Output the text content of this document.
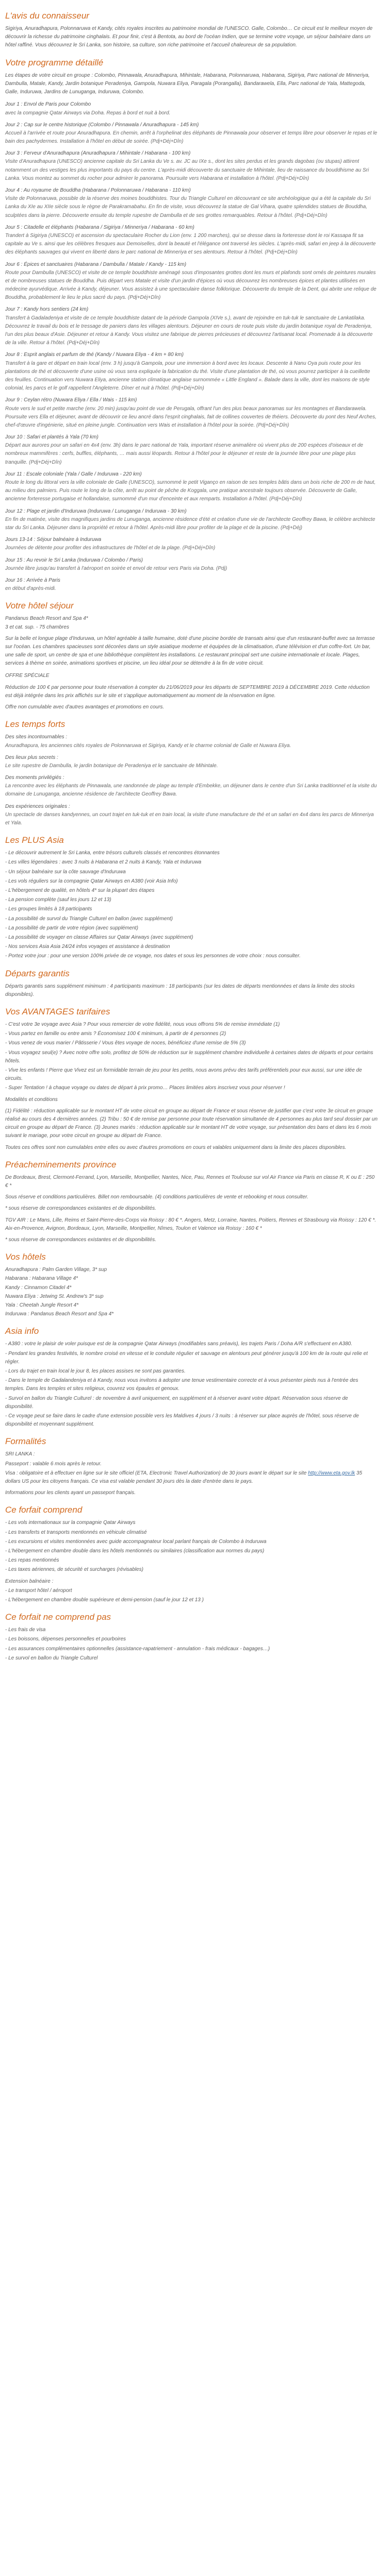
L'avis du connaisseur

Sigiriya, Anuradhapura, Polonnaruwa et Kandy, cités royales inscrites au patrimoine mondial de l'UNESCO. Galle, Colombo… Ce circuit est le meilleur moyen de découvrir la richesse du patrimoine cinghalais. Et pour finir, c'est à Bentota, au bord de l'océan Indien, que se termine votre voyage, un séjour balnéaire dans un hôtel raffiné. Vous découvrez le Sri Lanka, son histoire, sa culture, son riche patrimoine et l'accueil chaleureux de sa population.

Votre programme détaillé

Les étapes de votre circuit en groupe : Colombo, Pinnawala, Anuradhapura, Mihintale, Habarana, Polonnaruwa, Habarana, Sigiriya, Parc national de Minneriya, Dambulla, Matale, Kandy, Jardin botanique Peradeniya, Gampola, Nuwara Eliya, Paragala (Porangalla), Bandarawela, Ella, Parc national de Yala, Mattegoda, Galle, Induruwa, Jardins de Lunuganga, Induruwa, Colombo.

Jour 1 : Envol de Paris pour Colombo
avec la compagnie Qatar Airways via Doha. Repas à bord et nuit à bord.
Jour 2 : Cap sur le centre historique (Colombo / Pinnawala / Anuradhapura - 145 km)
Accueil à l'arrivée et route pour Anuradhapura. En chemin, arrêt à l'orphelinat des éléphants de Pinnawala pour observer et temps libre pour observer le repas et le bain des pachydermes. Installation à l'hôtel en début de soirée. (Pdj+Déj+Dîn)
Jour 3 : Ferveur d'Anuradhapura (Anuradhapura / Mihintale / Habarana - 100 km)
Visite d'Anuradhapura (UNESCO) ancienne capitale du Sri Lanka du Ve s. av. JC au IXe s., dont les sites perdus et les grands dagobas (ou stupas) attirent notamment un des vestiges les plus importants du pays du centre. L'après-midi découverte du sanctuaire de Mihintale, lieu de naissance du bouddhisme au Sri Lanka. Vous montez au sommet du rocher pour admirer le panorama. Poursuite vers Habarana et installation à l'hôtel. (Pdj+Déj+Dîn)
Jour 4 : Au royaume de Bouddha (Habarana / Polonnaruwa / Habarana - 110 km)
Visite de Polonnaruwa, possible de la réserve des moines bouddhistes. Tour du Triangle Culturel en découvrant ce site archéologique qui a été la capitale du Sri Lanka du XIe au XIIe siècle sous le règne de Parakramabahu. En fin de visite, vous découvrez la statue de Gal Vihara, quatre splendides statues de Bouddha, sculptées dans la pierre. Découverte ensuite du temple rupestre de Dambulla et de ses grottes remarquables. Retour à l'hôtel. (Pdj+Déj+Dîn)
Jour 5 : Citadelle et éléphants (Habarana / Sigiriya / Minneriya / Habarana - 60 km)
Trandert à Sigiriya (UNESCO) et ascension du spectaculaire Rocher du Lion (env. 1 200 marches), qui se dresse dans la forteresse dont le roi Kassapa fit sa capitale au Ve s. ainsi que les célèbres fresques aux Demoiselles, dont la beauté et l'élégance ont traversé les siècles. L'après-midi, safari en jeep à la découverte des éléphants sauvages qui vivent en liberté dans le parc national de Minneriya et ses alentours. Retour à l'hôtel. (Pdj+Déj+Dîn)
Jour 6 : Épices et sanctuaires (Habarana / Dambulla / Matale / Kandy - 115 km)
Route pour Dambulla (UNESCO) et visite de ce temple bouddhiste aménagé sous d'imposantes grottes dont les murs et plafonds sont ornés de peintures murales et de nombreuses statues de Bouddha. Puis départ vers Matale et visite d'un jardin d'épices où vous découvrez les nombreuses épices et plantes utilisées en médecine ayurvédique. Arrivée à Kandy, déjeuner. Vous assistez à une spectaculaire danse folklorique. Découverte du temple de la Dent, qui abrite une relique de Bouddha, probablement le lieu le plus sacré du pays. (Pdj+Déj+Dîn)
Jour 7 : Kandy hors sentiers (24 km)
Transfert à Gadaladeniya et visite de ce temple bouddhiste datant de la période Gampola (XIVe s.), avant de rejoindre en tuk-tuk le sanctuaire de Lankatilaka. Découvrez le travail du bois et le tressage de paniers dans les villages alentours. Déjeuner en cours de route puis visite du jardin botanique royal de Peradeniya, l'un des plus beaux d'Asie. Déjeuner et retour à Kandy. Vous visitez une fabrique de pierres précieuses et découvrez l'artisanat local. Promenade à la découverte de la ville. Retour à l'hôtel. (Pdj+Déj+Dîn)
Jour 8 : Esprit anglais et parfum de thé (Kandy / Nuwara Eliya - 4 km + 80 km)
Transfert à la gare et départ en train local (env. 3 h) jusqu'à Gampola, pour une immersion à bord avec les locaux. Descente à Nanu Oya puis route pour les plantations de thé et découverte d'une usine où vous sera expliquée la fabrication du thé. Visite d'une plantation de thé, où vous pourrez participer à la cueillette des feuilles. Continuation vers Nuwara Eliya, ancienne station climatique anglaise surnommée « Little England ». Balade dans la ville, dont les maisons de style colonial, les parcs et le golf rappellent l'Angleterre. Dîner et nuit à l'hôtel. (Pdj+Déj+Dîn)
Jour 9 : Ceylan rétro (Nuwara Eliya / Ella / Wais - 115 km)
Route vers le sud et petite marche (env. 20 min) jusqu'au point de vue de Perugala, offrant l'un des plus beaux panoramas sur les montagnes et Bandarawela. Poursuite vers Ella et déjeuner, avant de découvrir ce lieu ancré dans l'esprit cinghalais, fait de collines couvertes de théiers. Découverte du pont des Neuf Arches, chef-d'œuvre d'ingénierie, situé en pleine jungle. Continuation vers Wais et installation à l'hôtel pour la soirée. (Pdj+Déj+Dîn)
Jour 10 : Safari et plantés à Yala (70 km)
Départ aux aurores pour un safari en 4x4 (env. 3h) dans le parc national de Yala, important réserve animalière où vivent plus de 200 espèces d'oiseaux et de nombreux mammifères : cerfs, buffles, éléphants, … mais aussi léopards. Retour à l'hôtel pour le déjeuner et reste de la journée libre pour une plage plus tranquille. (Pdj+Déj+Dîn)
Jour 11 : Escale coloniale (Yala / Galle / Induruwa - 220 km)
Route le long du littoral vers la ville coloniale de Galle (UNESCO), surnommé le petit Viganço en raison de ses temples bâtis dans un bois riche de 200 m de haut, au milieu des palmiers. Puis route le long de la côte, arrêt au point de pêche de Koggala, une pratique ancestrale toujours observée. Découverte de Galle, ancienne forteresse portugaise et hollandaise, surnommé d'un mur d'enceinte et aux remparts. Installation à l'hôtel. (Pdj+Déj+Dîn)
Jour 12 : Plage et jardin d'Induruwa (Induruwa / Lunuganga / Induruwa - 30 km)
En fin de matinée, visite des magnifiques jardins de Lunuganga, ancienne résidence d'été et création d'une vie de l'architecte Geoffrey Bawa, le célèbre architecte star du Sri Lanka. Déjeuner dans la propriété et retour à l'hôtel. Après-midi libre pour profiter de la plage et de la piscine. (Pdj+Déj)
Jours 13-14 : Séjour balnéaire à Induruwa
Journées de détente pour profiter des infrastructures de l'hôtel et de la plage. (Pdj+Déj+Dîn)
Jour 15 : Au revoir le Sri Lanka (Induruwa / Colombo / Paris)
Journée libre jusqu'au transfert à l'aéroport en soirée et envol de retour vers Paris via Doha. (Pdj)
Jour 16 : Arrivée à Paris
en début d'après-midi.
Votre hôtel séjour

Pandanus Beach Resort and Spa 4*

3 et cat. sup. - 75 chambres

Sur la belle et longue plage d'Induruwa, un hôtel agréable à taille humaine, doté d'une piscine bordée de transats ainsi que d'un restaurant-buffet avec sa terrasse sur l'océan. Les chambres spacieuses sont décorées dans un style asiatique moderne et équipées de la climatisation, d'une télévision et d'un coffre-fort. Un bar, une salle de sport, un centre de spa et une bibliothèque complètent les installations. Le restaurant principal sert une cuisine internationale et locale. Plages, services à thème en soirée, animations sportives et piscine, un lieu idéal pour se détendre à la fin de votre circuit.

OFFRE SPÉCIALE

Réduction de 100 € par personne pour toute réservation à compter du 21/06/2019 pour les départs de SEPTEMBRE 2019 à DÉCEMBRE 2019. Cette réduction est déjà intégrée dans les prix affichés sur le site et s'applique automatiquement au moment de la réservation en ligne.

Offre non cumulable avec d'autres avantages et promotions en cours.

Les temps forts
Des sites incontournables :
Anuradhapura, les anciennes cités royales de Polonnaruwa et Sigiriya, Kandy et le charme colonial de Galle et Nuwara Eliya.
Des lieux plus secrets :
Le site rupestre de Dambulla, le jardin botanique de Peradeniya et le sanctuaire de Mihintale.
Des moments privilégiés :
La rencontre avec les éléphants de Pinnawala, une randonnée de plage au temple d'Embekke, un déjeuner dans le centre d'un Sri Lanka traditionnel et la visite du domaine de Lunuganga, ancienne résidence de l'architecte Geoffrey Bawa.
Des expériences originales :
Un spectacle de danses kandyennes, un court trajet en tuk-tuk et en train local, la visite d'une manufacture de thé et un safari en 4x4 dans les parcs de Minneriya et Yala.
Les PLUS Asia
- Le découvrir autrement le Sri Lanka, entre trésors culturels classés et rencontres étonnantes
- Les villes légendaires : avec 3 nuits à Habarana et 2 nuits à Kandy, Yala et Induruwa
- Un séjour balnéaire sur la côte sauvage d'Induruwa
- Les vols réguliers sur la compagnie Qatar Airways en A380 (voir Asia Info)
- L'hébergement de qualité, en hôtels 4* sur la plupart des étapes
- La pension complète (sauf les jours 12 et 13)
- Les groupes limités à 18 participants
- La possibilité de survol du Triangle Culturel en ballon (avec supplément)
- La possibilité de partir de votre région (avec supplément)
- La possibilité de voyager en classe Affaires sur Qatar Airways (avec supplément)
- Nos services Asia Asia 24/24 infos voyages et assistance à destination
- Portez votre jour : pour une version 100% privée de ce voyage, nos dates et sous les personnes de votre choix : nous consulter.
Départs garantis

Départs garantis sans supplément minimum : 4 participants maximum : 18 participants (sur les dates de départs mentionnées et dans la limite des stocks disponibles).

Vos AVANTAGES tarifaires
- C'est votre 3e voyage avec Asia ? Pour vous remercier de votre fidélité, nous vous offrons 5% de remise immédiate (1)
- Vous partez en famille ou entre amis ? Économisez 100 € minimum, à partir de 4 personnes (2)
- Vous venez de vous marier / Pâtisserie / Vous êtes voyage de noces, bénéficiez d'une remise de 5% (3)
- Vous voyagez seul(e) ? Avec notre offre solo, profitez de 50% de réduction sur le supplément chambre individuelle à certaines dates de départs et pour certains hôtels.
- Vive les enfants ! Pierre que Vivez est un formidable terrain de jeu pour les petits, nous avons prévu des tarifs préférentiels pour eux aussi, sur une idée de circuits.
- Super Tentation ! à chaque voyage ou dates de départ à prix promo… Places limitées alors inscrivez vous pour réserver !

Modalités et conditions

(1) Fidélité : réduction applicable sur le montant HT de votre circuit en groupe au départ de France et sous réserve de justifier que c'est votre 3e circuit en groupe réalisé au cours des 4 dernières années. (2) Tribu : 50 € de remise par personne pour toute réservation simultanée de 4 personnes au plus tard seul dossier par un circuit en groupe au départ de France. (3) Jeunes mariés : réduction applicable sur le montant HT de votre voyage, sur présentation des bans et dans les 6 mois suivant le mariage, pour votre circuit en groupe au départ de France.

Toutes ces offres sont non cumulables entre elles ou avec d'autres promotions en cours et valables uniquement dans la limite des places disponibles.

Préacheminements province

De Bordeaux, Brest, Clermont-Ferrand, Lyon, Marseille, Montpellier, Nantes, Nice, Pau, Rennes et Toulouse sur vol Air France via Paris en classe R, K ou E : 250 € *

Sous réserve et conditions particulières. Billet non remboursable. (4) conditions particulières de vente et rebooking et nous consulter.

* sous réserve de correspondances existantes et de disponibilités.

TGV AIR : Le Mans, Lille, Reims et Saint-Pierre-des-Corps via Roissy : 80 € *. Angers, Metz, Lorraine, Nantes, Poitiers, Rennes et Strasbourg via Roissy : 120 € *. Aix-en-Provence, Avignon, Bordeaux, Lyon, Marseille, Montpellier, Nîmes, Toulon et Valence via Roissy : 160 € *

* sous réserve de correspondances existantes et de disponibilités.

Vos hôtels

Anuradhapura : Palm Garden Village, 3* sup

Habarana : Habarana Village 4*

Kandy : Cinnamon Citadel 4*

Nuwara Eliya : Jetwing St. Andrew's 3* sup

Yala : Cheetah Jungle Resort 4*

Induruwa : Pandanus Beach Resort and Spa 4*

Asia info
- A380 : votre le plaisir de voler puisque est de la compagnie Qatar Airways (modifiables sans préavis), les trajets Paris / Doha A/R s'effectuent en A380.
- Pendant les grandes festivités, le nombre croisé en vitesse et le conduite régulier et sauvage en alentours peut générer jusqu'à 100 km de la route qui relie et régler.
- Lors du trajet en train local le jour 8, les places assises ne sont pas garanties.
- Dans le temple de Gadalandeniya et à Kandy, nous vous invitons à adopter une tenue vestimentaire correcte et à vous présenter pieds nus à l'entrée des temples. Dans les temples et sites religieux, couvrez vos épaules et genoux.
- Survol en ballon du Triangle Culturel : de novembre à avril uniquement, en supplément et à réserver avant votre départ. Réservation sous réserve de disponibilité.
- Ce voyage peut se faire dans le cadre d'une extension possible vers les Maldives 4 jours / 3 nuits : à réserver sur place auprès de l'hôtel, sous réserve de disponibilité et moyennant supplément.
Formalités

SRI LANKA :

Passeport : valable 6 mois après le retour.

Visa : obligatoire et à effectuer en ligne sur le site officiel (ETA, Electronic Travel Authorization) de 30 jours avant le départ sur le site http://www.eta.gov.lk 35 dollars US pour les citoyens français. Ce visa est valable pendant 30 jours dès la date d'entrée dans le pays.

Informations pour les clients ayant un passeport français.

Ce forfait comprend
- Les vols internationaux sur la compagnie Qatar Airways
- Les transferts et transports mentionnés en véhicule climatisé
- Les excursions et visites mentionnées avec guide accompagnateur local parlant français de Colombo à Induruwa
- L'hébergement en chambre double dans les hôtels mentionnés ou similaires (classification aux normes du pays)
- Les repas mentionnés
- Les taxes aériennes, de sécurité et surcharges (révisables)

Extension balnéaire :

- Le transport hôtel / aéroport
- L'hébergement en chambre double supérieure et demi-pension (sauf le jour 12 et 13 )
Ce forfait ne comprend pas
- Les frais de visa
- Les boissons, dépenses personnelles et pourboires
- Les assurances complémentaires optionnelles (assistance-rapatriement - annulation - frais médicaux - bagages…)
- Le survol en ballon du Triangle Culturel
